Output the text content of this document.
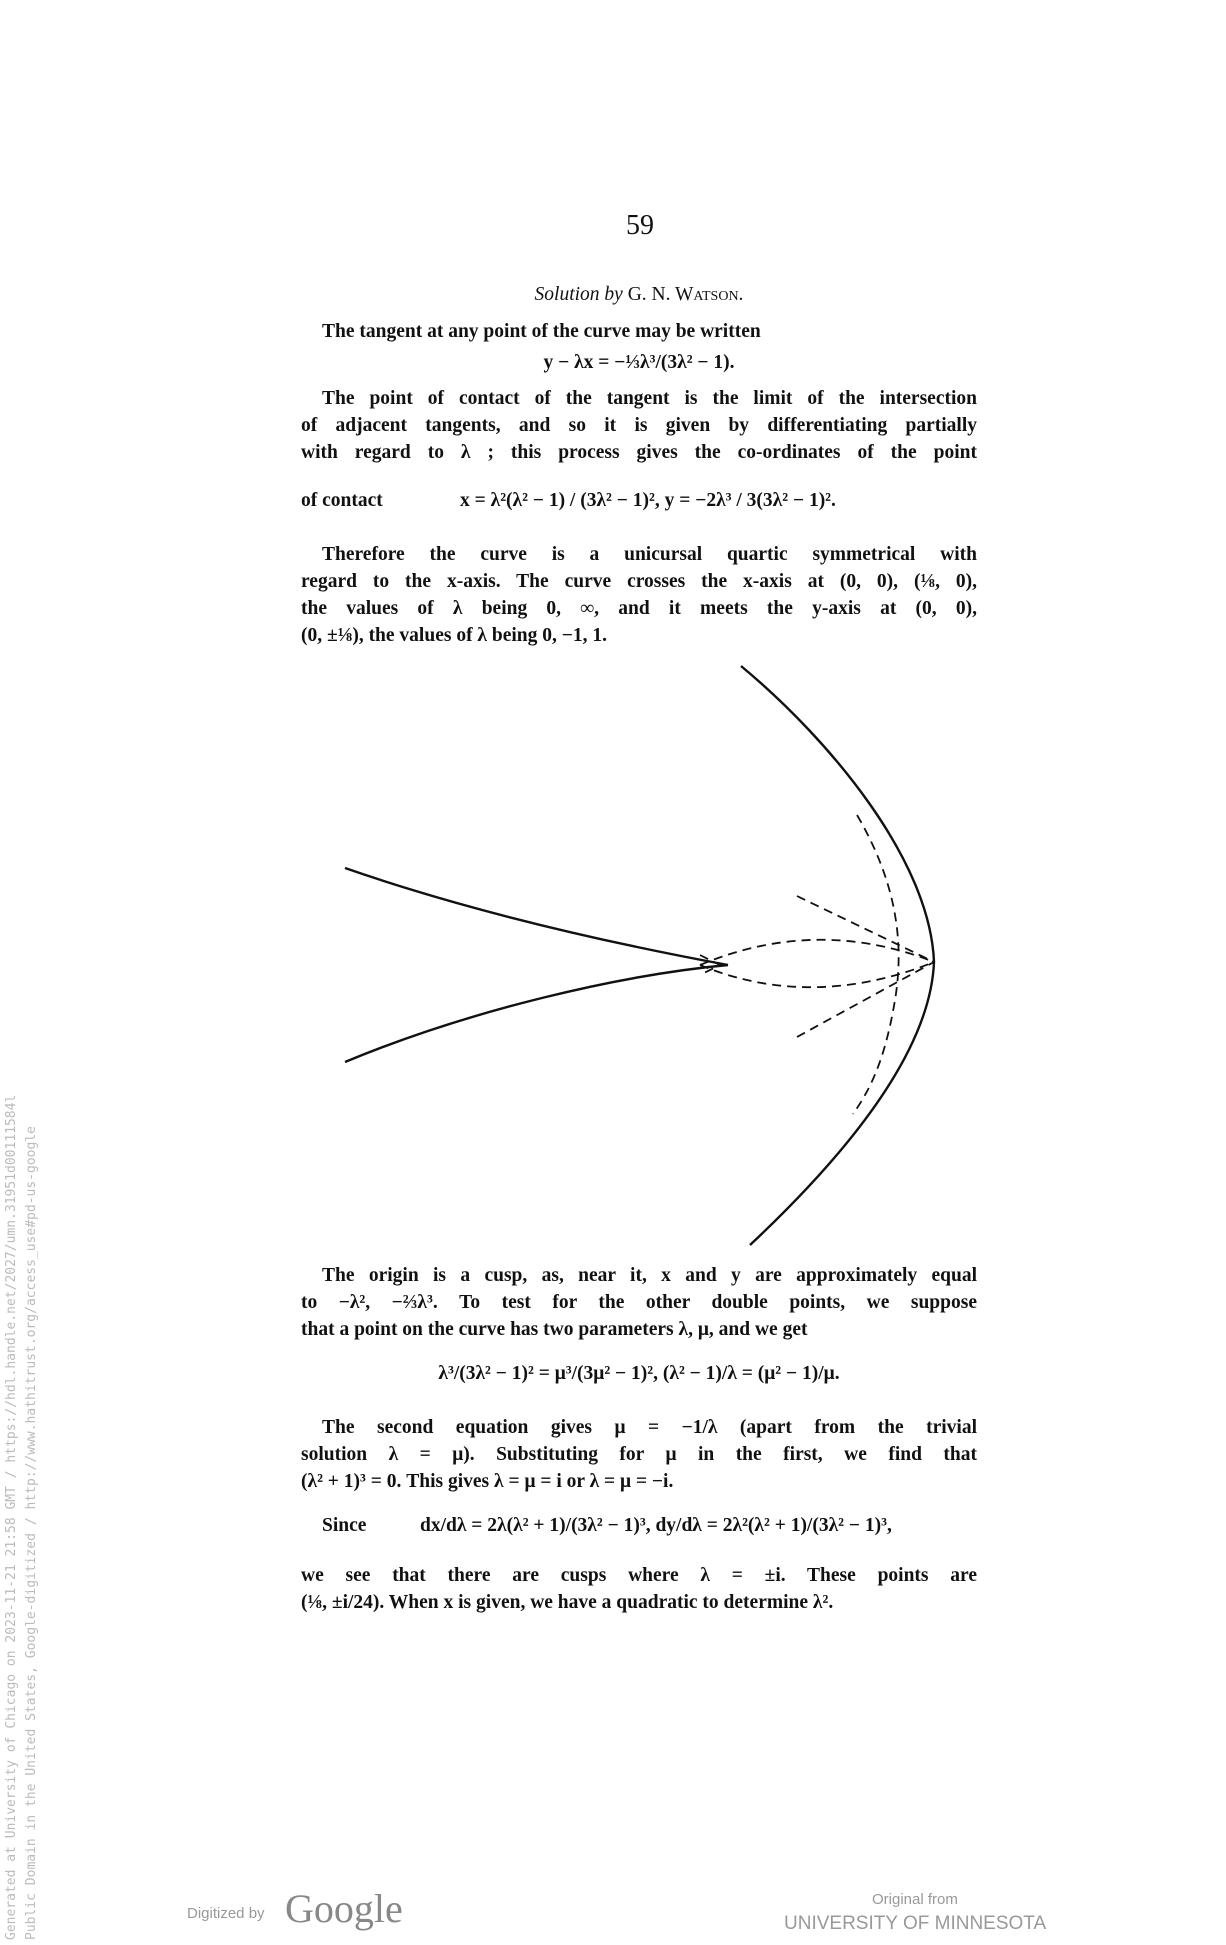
59
Solution by G. N. Watson.
The tangent at any point of the curve may be written
y − λx = −⅓λ³/(3λ² − 1).
The point of contact of the tangent is the limit of the intersection
of adjacent tangents, and so it is given by differentiating partially
with regard to λ ; this process gives the co-ordinates of the point
of contact	x = λ²(λ² − 1) / (3λ² − 1)², y = −2λ³ / 3(3λ² − 1)².
Therefore the curve is a unicursal quartic symmetrical with
regard to the x-axis. The curve crosses the x-axis at (0, 0), (⅛, 0),
the values of λ being 0, ∞, and it meets the y-axis at (0, 0),
(0, ±⅛), the values of λ being 0, −1, 1.
The origin is a cusp, as, near it, x and y are approximately equal
to −λ², −⅔λ³. To test for the other double points, we suppose
that a point on the curve has two parameters λ, μ, and we get
λ³/(3λ² − 1)² = μ³/(3μ² − 1)², (λ² − 1)/λ = (μ² − 1)/μ.
The second equation gives μ = −1/λ (apart from the trivial
solution λ = μ). Substituting for μ in the first, we find that
(λ² + 1)³ = 0. This gives λ = μ = i or λ = μ = −i.
Since	dx/dλ = 2λ(λ² + 1)/(3λ² − 1)³, dy/dλ = 2λ²(λ² + 1)/(3λ² − 1)³,
we see that there are cusps where λ = ±i. These points are
(⅛, ±i/24). When x is given, we have a quadratic to determine λ².
Generated at University of Chicago on 2023-11-21 21:58 GMT / https://hdl.handle.net/2027/umn.31951d00111584l Public Domain in the United States, Google-digitized / http://www.hathitrust.org/access_use#pd-us-google	Digitized by Google	Original from
UNIVERSITY OF MINNESOTA
